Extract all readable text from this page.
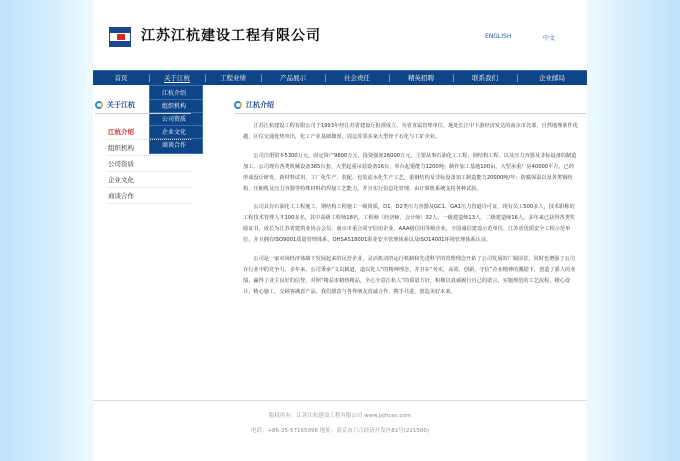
江苏江杭建设工程有限公司	ENGLISH	中文
首页	关于江杭	工程业绩	产品展示	社会责任	精英招聘	联系我们	企业邮局
江杭介绍
组织机构
公司资质
企业文化
商谈合作
关于江杭
江杭介绍
组织机构
公司资质
企业文化
商谈合作
江杭介绍

江苏江杭建设工程有限公司于1993年经江苏省建设厅批准成立，为省直属管理单位。地处长江中下游经济发达的南京市北部，自然地理条件优越，区位交通优势突出，化工产业基础雄厚，周边苏邻多家大型骨干石化与工矿企业。

公司注册资本5300万元，固定资产9800万元，投资强度26000万元。主要从事石油化工工程、钢结构工程、以及压力容器及非标设备的制造加工。公司现有各类机械设备365台套，大型起重吊装设备16台，单台起重能力1200吨；制作加工基地100亩，大型承重厂房40000平方，已经形成设计研发、新材料试用、工厂化生产、装配、包装流水化生产工艺，重钢结构及非标设备加工制造能力20000吨/年；防腐保温以及各类钢结构、压缩机及压力容器等特殊材料的焊接工艺能力，并且实行信息化管理，由计算机系统支持各种试验。

公司具有石油化工工程施工、钢结构工程施工一级资质，D1、D2类压力容器及GC1、GA1压力管道许可证，现有员工500多人，技术职称的工程技术管理人才100多名，其中高级工程师18名，工程师（经济师、会计师）32人，一级建造师13人，二级建造师16人。多年来已获得各类奖励证书，成长为江苏省建筑业协会会员、南京市重合同守信用企业、AAA级信用等级企业，全国诚信建设示范单位、江苏省优质安全工程示范单位，并且拥有ISO9001质量管理体系、OHSAS18001职业安全管理体系以及ISO14001环境管理体系认证。

公司是一家市场经济体制下发展起来的民营企业，灵活机动的运行机制和先进科学的管理理念开拓了公司发展的广阔前景，同时也增强了公司在行业中的竞争力。多年来，公司秉承“文以载道，道以化人”的精神理念，并且在“务实，高效，创新，守信”企业精神的激励下，创造了骄人的业绩，赢得了业主良好的信誉，对照“精益求精铸精品，全心全意江杭人”的质量方针，积极以真诚履行自己的诺言，实施规范的工艺流程，精心设计，精心施工，交顾客满意产品。我们愿意与各界朋友真诚合作，携手共进，创造美好未来。

版权所有：江苏江杭建设工程有限公司 www.jsjhcec.com
电话：+86-25-57155996 地址：南京市六合经济开发区81号(211500)
